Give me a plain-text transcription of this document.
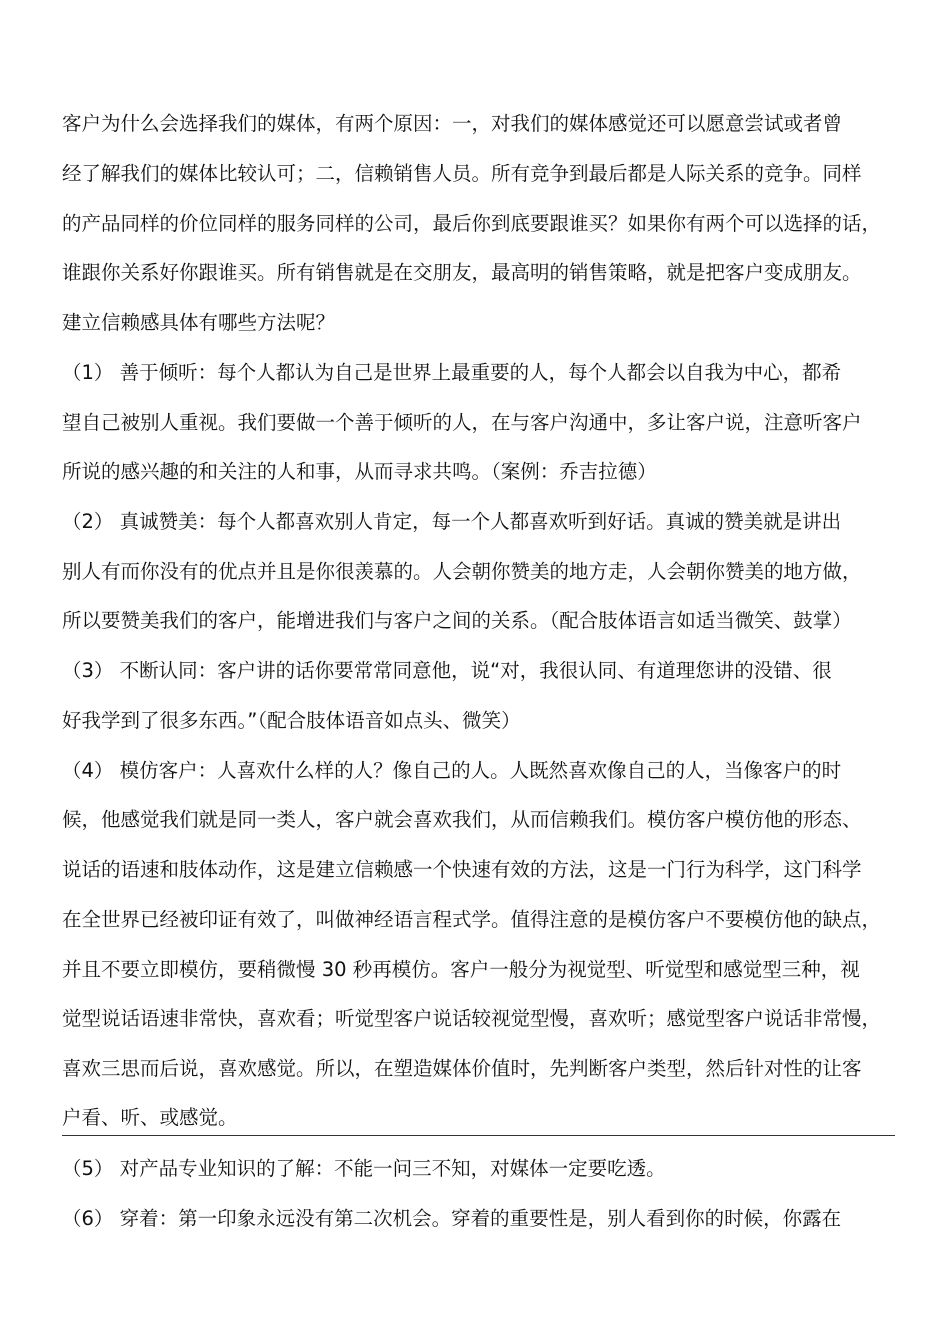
客户为什么会选择我们的媒体，有两个原因：一，对我们的媒体感觉还可以愿意尝试或者曾
经了解我们的媒体比较认可；二，信赖销售人员。所有竞争到最后都是人际关系的竞争。同样
的产品同样的价位同样的服务同样的公司，最后你到底要跟谁买？如果你有两个可以选择的话，
谁跟你关系好你跟谁买。所有销售就是在交朋友，最高明的销售策略，就是把客户变成朋友。
建立信赖感具体有哪些方法呢？
（1） 善于倾听：每个人都认为自己是世界上最重要的人，每个人都会以自我为中心，都希
望自己被别人重视。我们要做一个善于倾听的人，在与客户沟通中，多让客户说，注意听客户
所说的感兴趣的和关注的人和事，从而寻求共鸣。（案例：乔吉拉德）
（2） 真诚赞美：每个人都喜欢别人肯定，每一个人都喜欢听到好话。真诚的赞美就是讲出
别人有而你没有的优点并且是你很羡慕的。人会朝你赞美的地方走，人会朝你赞美的地方做，
所以要赞美我们的客户，能增进我们与客户之间的关系。（配合肢体语言如适当微笑、鼓掌）
（3） 不断认同：客户讲的话你要常常同意他，说“对，我很认同、有道理您讲的没错、很
好我学到了很多东西。”（配合肢体语音如点头、微笑）
（4） 模仿客户：人喜欢什么样的人？像自己的人。人既然喜欢像自己的人，当像客户的时
候，他感觉我们就是同一类人，客户就会喜欢我们，从而信赖我们。模仿客户模仿他的形态、
说话的语速和肢体动作，这是建立信赖感一个快速有效的方法，这是一门行为科学，这门科学
在全世界已经被印证有效了，叫做神经语言程式学。值得注意的是模仿客户不要模仿他的缺点，
并且不要立即模仿，要稍微慢 30 秒再模仿。客户一般分为视觉型、听觉型和感觉型三种，视
觉型说话语速非常快，喜欢看；听觉型客户说话较视觉型慢，喜欢听；感觉型客户说话非常慢，
喜欢三思而后说，喜欢感觉。所以，在塑造媒体价值时，先判断客户类型，然后针对性的让客
户看、听、或感觉。
（5） 对产品专业知识的了解：不能一问三不知，对媒体一定要吃透。
（6） 穿着：第一印象永远没有第二次机会。穿着的重要性是，别人看到你的时候，你露在
